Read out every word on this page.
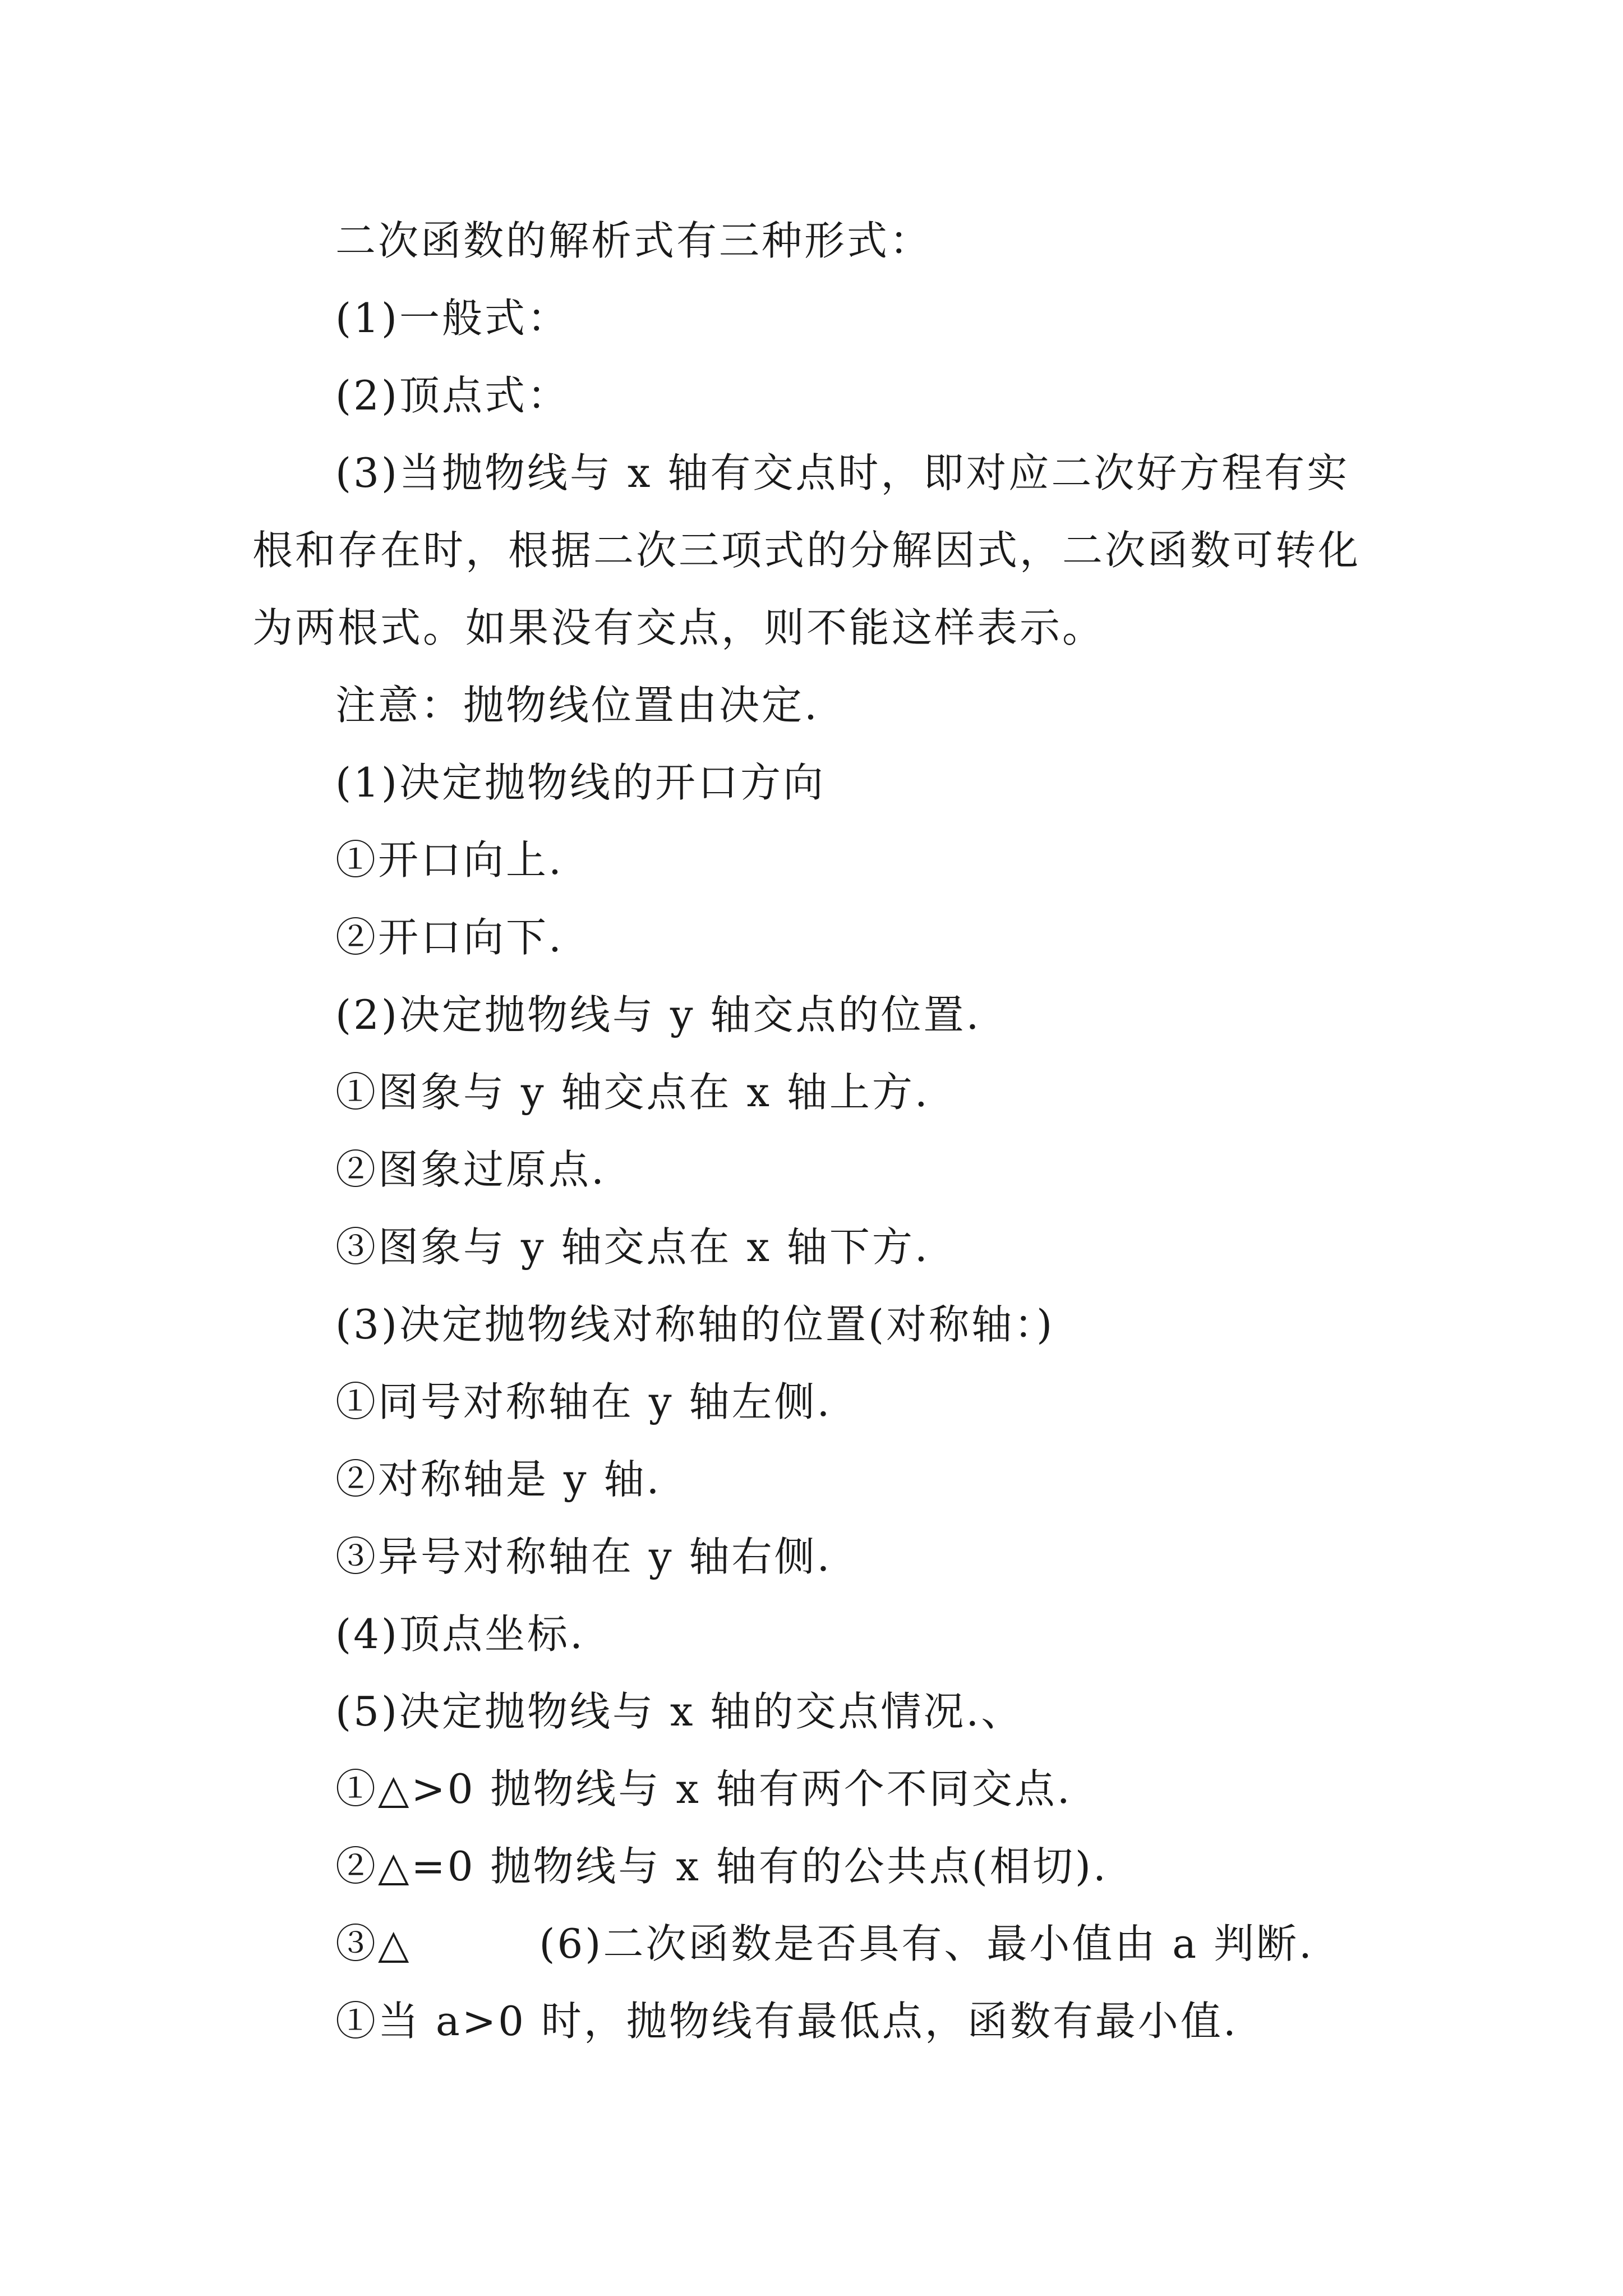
二次函数的解析式有三种形式：

(1)一般式：

(2)顶点式：

(3)当抛物线与 x 轴有交点时，即对应二次好方程有实

根和存在时，根据二次三项式的分解因式，二次函数可转化

为两根式。如果没有交点，则不能这样表示。

注意：抛物线位置由决定.

(1)决定抛物线的开口方向

①开口向上.

②开口向下.

(2)决定抛物线与 y 轴交点的位置.

①图象与 y 轴交点在 x 轴上方.

②图象过原点.

③图象与 y 轴交点在 x 轴下方.

(3)决定抛物线对称轴的位置(对称轴：)

①同号对称轴在 y 轴左侧.

②对称轴是 y 轴.

③异号对称轴在 y 轴右侧.

(4)顶点坐标.

(5)决定抛物线与 x 轴的交点情况.、

①△>0 抛物线与 x 轴有两个不同交点.

②△=0 抛物线与 x 轴有的公共点(相切).

③△　　　(6)二次函数是否具有、最小值由 a 判断.

①当 a>0 时，抛物线有最低点，函数有最小值.
